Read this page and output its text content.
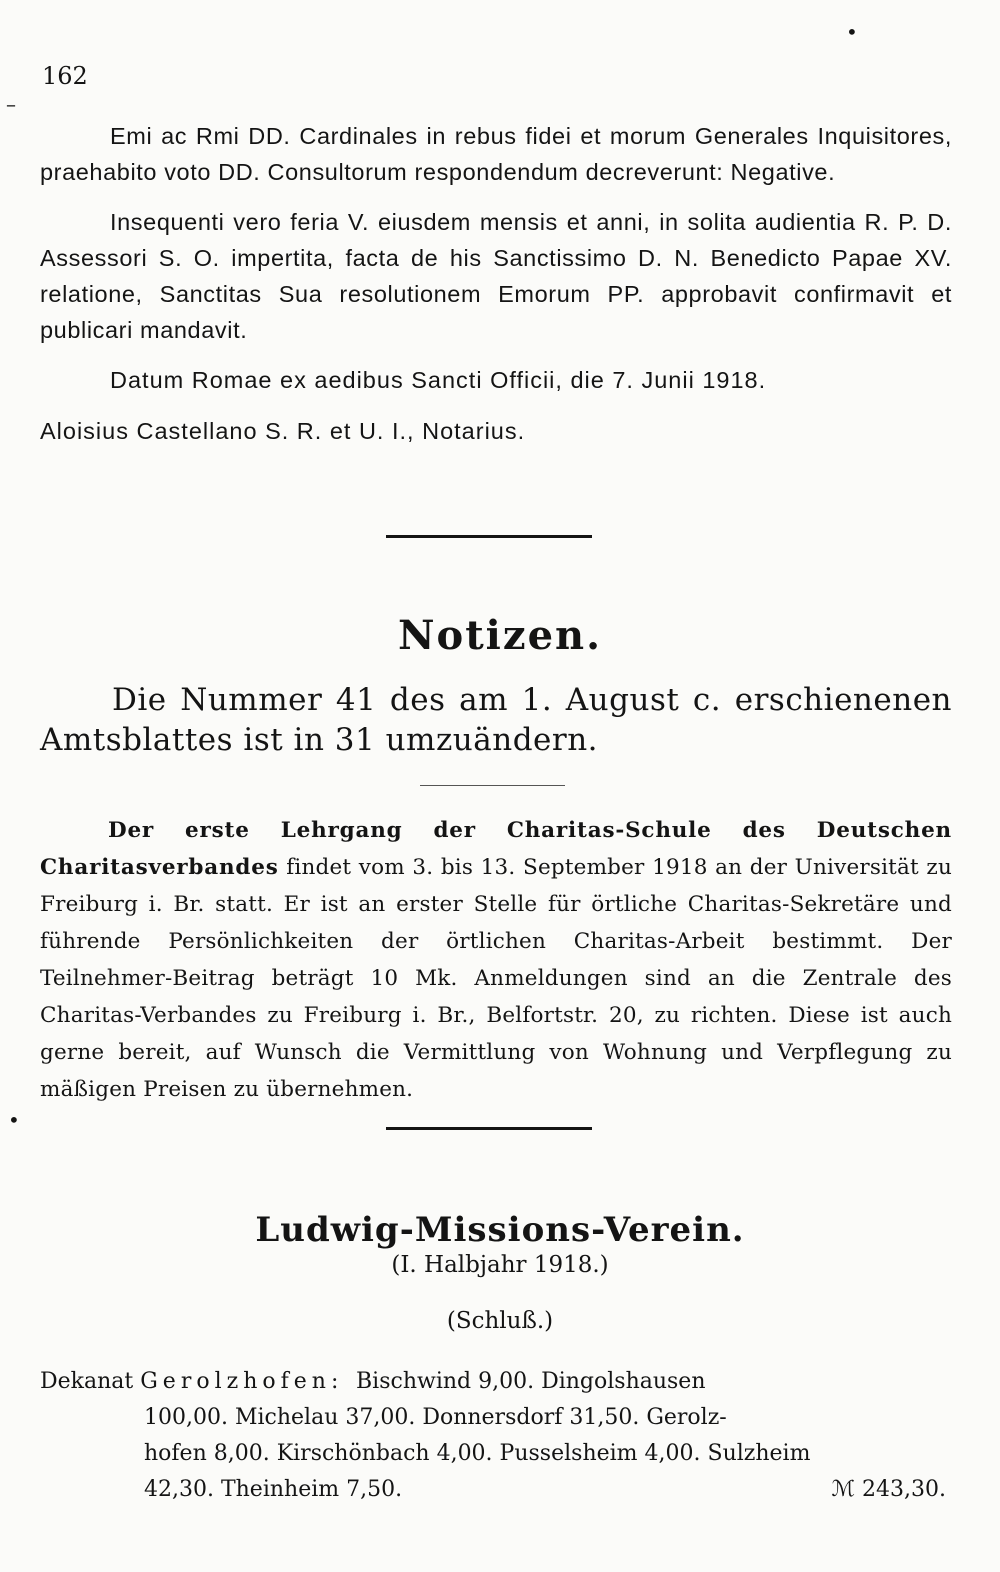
162
–
•
•

Emi ac Rmi DD. Cardinales in rebus fidei et morum Generales Inquisitores, praehabito voto DD. Consultorum respondendum decreverunt: Negative.

Insequenti vero feria V. eiusdem mensis et anni, in solita audientia R. P. D. Assessori S. O. impertita, facta de his Sanctissimo D. N. Benedicto Papae XV. relatione, Sanctitas Sua resolutionem Emorum PP. approbavit confirmavit et publicari mandavit.

Datum Romae ex aedibus Sancti Officii, die 7. Junii 1918.

Aloisius Castellano S. R. et U. I., Notarius.

Notizen.
Die Nummer 41 des am 1. August c. erschienenen Amtsblattes ist in 31 umzuändern.
Der erste Lehrgang der Charitas-Schule des Deutschen Charitasverbandes findet vom 3. bis 13. September 1918 an der Universität zu Freiburg i. Br. statt. Er ist an erster Stelle für örtliche Charitas-Sekretäre und führende Persönlichkeiten der örtlichen Charitas-Arbeit bestimmt. Der Teilnehmer-Beitrag beträgt 10 Mk. Anmeldungen sind an die Zentrale des Charitas-Verbandes zu Freiburg i. Br., Belfortstr. 20, zu richten. Diese ist auch gerne bereit, auf Wunsch die Vermittlung von Wohnung und Verpflegung zu mäßigen Preisen zu übernehmen.
Ludwig-Missions-Verein.
(I. Halbjahr 1918.)
(Schluß.)
Dekanat Gerolzhofen: Bischwind 9,00. Dingolshausen
100,00. Michelau 37,00. Donnersdorf 31,50. Gerolz-
hofen 8,00. Kirschönbach 4,00. Pusselsheim 4,00. Sulzheim
42,30. Theinheim 7,50.	ℳ 243,30.
